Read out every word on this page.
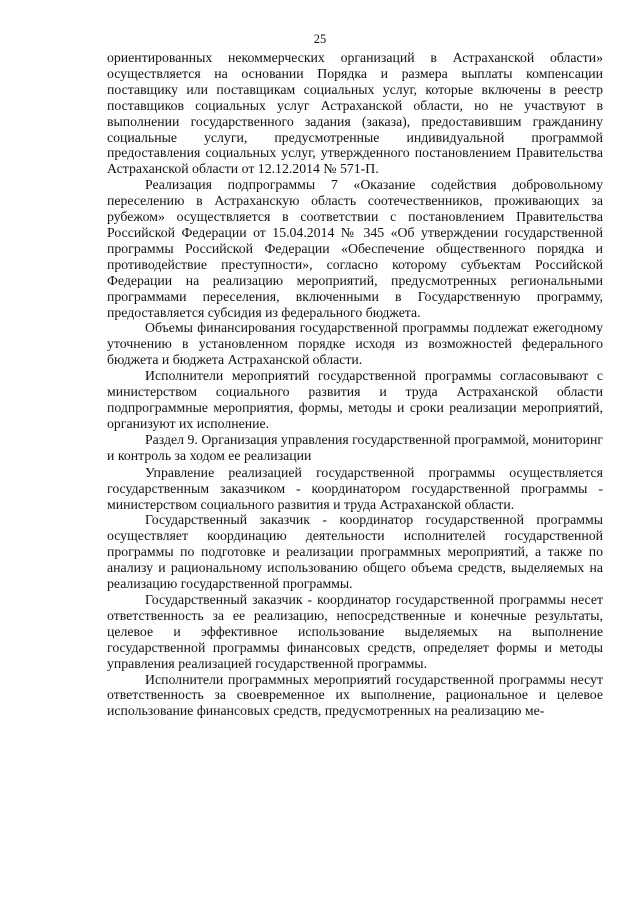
25

ориентированных некоммерческих организаций в Астраханской области» осуществляется на основании Порядка и размера выплаты компенсации поставщику или поставщикам социальных услуг, которые включены в реестр поставщиков социальных услуг Астраханской области, но не участвуют в выполнении государственного задания (заказа), предоставившим гражданину социальные услуги, предусмотренные индивидуальной программой предоставления социальных услуг, утвержденного постановлением Правительства Астраханской области от 12.12.2014 № 571-П.

Реализация подпрограммы 7 «Оказание содействия добровольному переселению в Астраханскую область соотечественников, проживающих за рубежом» осуществляется в соответствии с постановлением Правительства Российской Федерации от 15.04.2014 № 345 «Об утверждении государственной программы Российской Федерации «Обеспечение общественного порядка и противодействие преступности», согласно которому субъектам Российской Федерации на реализацию мероприятий, предусмотренных региональными программами переселения, включенными в Государственную программу, предоставляется субсидия из федерального бюджета.

Объемы финансирования государственной программы подлежат ежегодному уточнению в установленном порядке исходя из возможностей федерального бюджета и бюджета Астраханской области.

Исполнители мероприятий государственной программы согласовывают с министерством социального развития и труда Астраханской области подпрограммные мероприятия, формы, методы и сроки реализации мероприятий, организуют их исполнение.

Раздел 9. Организация управления государственной программой, мониторинг и контроль за ходом ее реализации

Управление реализацией государственной программы осуществляется государственным заказчиком - координатором государственной программы - министерством социального развития и труда Астраханской области.

Государственный заказчик - координатор государственной программы осуществляет координацию деятельности исполнителей государственной программы по подготовке и реализации программных мероприятий, а также по анализу и рациональному использованию общего объема средств, выделяемых на реализацию государственной программы.

Государственный заказчик - координатор государственной программы несет ответственность за ее реализацию, непосредственные и конечные результаты, целевое и эффективное использование выделяемых на выполнение государственной программы финансовых средств, определяет формы и методы управления реализацией государственной программы.

Исполнители программных мероприятий государственной программы несут ответственность за своевременное их выполнение, рациональное и целевое использование финансовых средств, предусмотренных на реализацию ме-
